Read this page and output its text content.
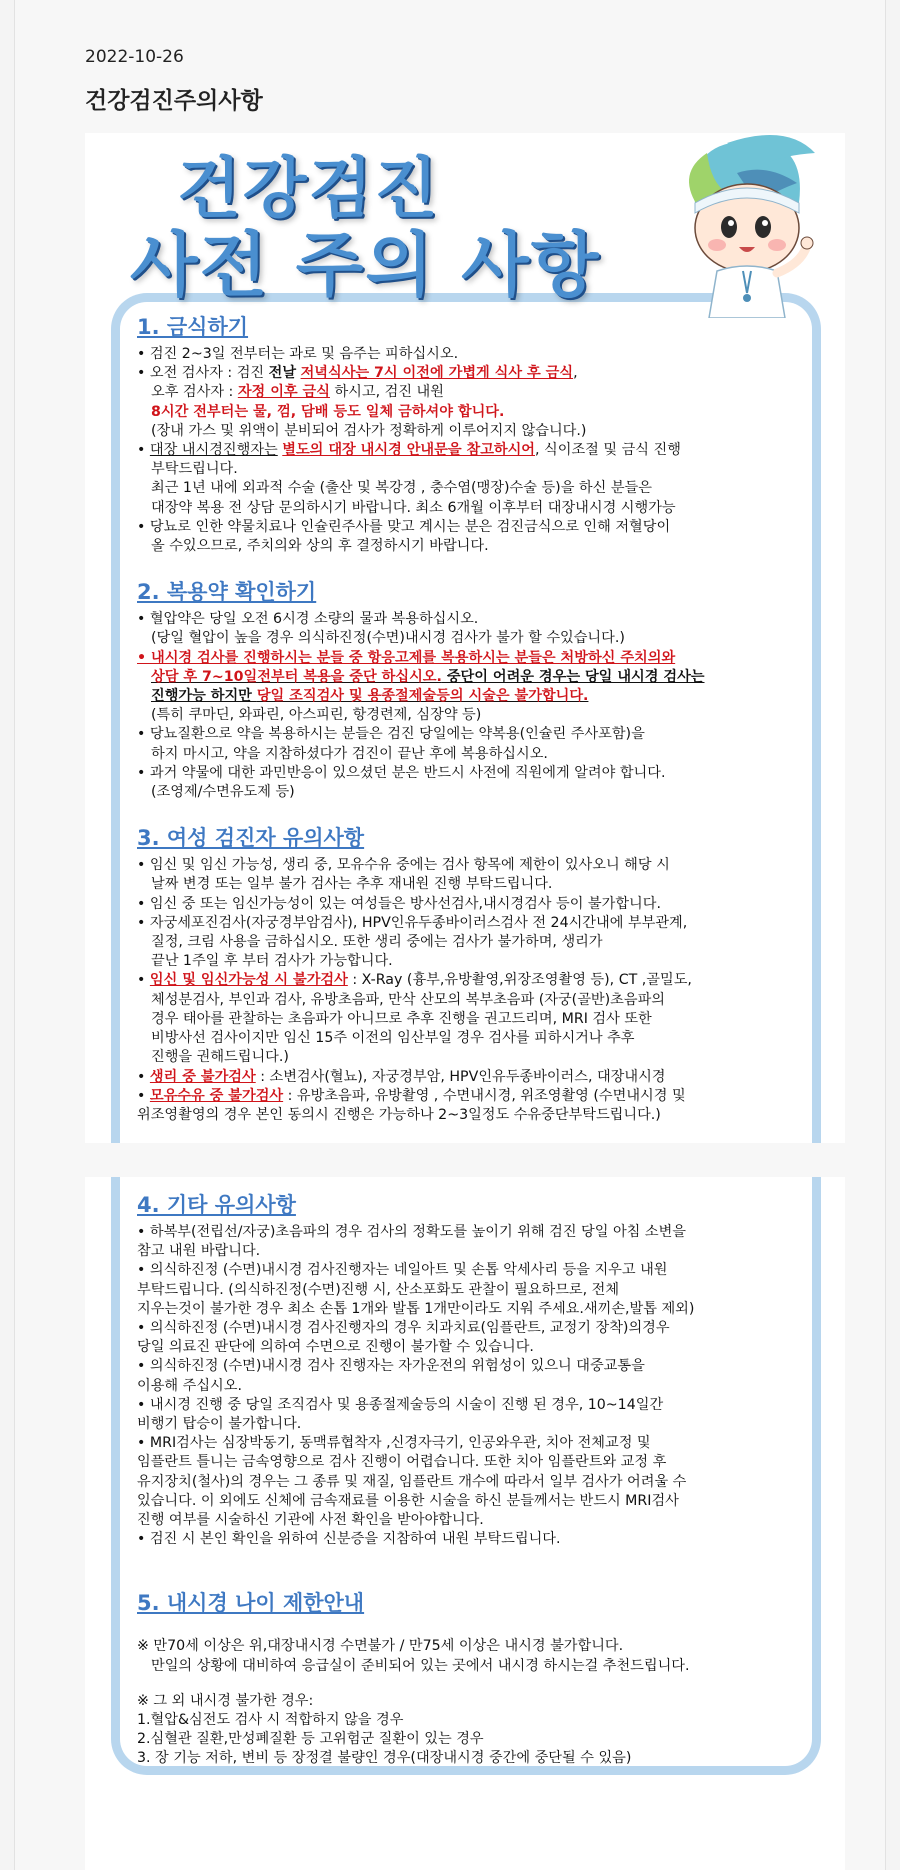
2022-10-26
건강검진주의사항
건강검진
사전 주의 사항
1. 금식하기
• 검진 2~3일 전부터는 과로 및 음주는 피하십시오.
• 오전 검사자 : 검진 전날 저녁식사는 7시 이전에 가볍게 식사 후 금식,
오후 검사자 : 자정 이후 금식 하시고, 검진 내원
8시간 전부터는 물, 껌, 담배 등도 일체 금하셔야 합니다.
(장내 가스 및 위액이 분비되어 검사가 정확하게 이루어지지 않습니다.)
• 대장 내시경진행자는 별도의 대장 내시경 안내문을 참고하시어, 식이조절 및 금식 진행
부탁드립니다.
최근 1년 내에 외과적 수술 (출산 및 복강경 , 충수염(맹장)수술 등)을 하신 분들은
대장약 복용 전 상담 문의하시기 바랍니다. 최소 6개월 이후부터 대장내시경 시행가능
• 당뇨로 인한 약물치료나 인슐린주사를 맞고 계시는 분은 검진금식으로 인해 저혈당이
올 수있으므로, 주치의와 상의 후 결정하시기 바랍니다.
2. 복용약 확인하기
• 혈압약은 당일 오전 6시경 소량의 물과 복용하십시오.
(당일 혈압이 높을 경우 의식하진정(수면)내시경 검사가 불가 할 수있습니다.)
• 내시경 검사를 진행하시는 분들 중 항응고제를 복용하시는 분들은 처방하신 주치의와
상담 후 7~10일전부터 복용을 중단 하십시오. 중단이 어려운 경우는 당일 내시경 검사는
진행가능 하지만 당일 조직검사 및 용종절제술등의 시술은 불가합니다.
(특히 쿠마딘, 와파린, 아스피린, 항경련제, 심장약 등)
• 당뇨질환으로 약을 복용하시는 분들은 검진 당일에는 약복용(인슐린 주사포함)을
하지 마시고, 약을 지참하셨다가 검진이 끝난 후에 복용하십시오.
• 과거 약물에 대한 과민반응이 있으셨던 분은 반드시 사전에 직원에게 알려야 합니다.
(조영제/수면유도제 등)
3. 여성 검진자 유의사항
• 임신 및 임신 가능성, 생리 중, 모유수유 중에는 검사 항목에 제한이 있사오니 해당 시
날짜 변경 또는 일부 불가 검사는 추후 재내원 진행 부탁드립니다.
• 임신 중 또는 임신가능성이 있는 여성들은 방사선검사,내시경검사 등이 불가합니다.
• 자궁세포진검사(자궁경부암검사), HPV인유두종바이러스검사 전 24시간내에 부부관계,
질정, 크림 사용을 금하십시오. 또한 생리 중에는 검사가 불가하며, 생리가
끝난 1주일 후 부터 검사가 가능합니다.
• 임신 및 임신가능성 시 불가검사 : X-Ray (흉부,유방촬영,위장조영촬영 등), CT ,골밀도,
체성분검사, 부인과 검사, 유방초음파, 만삭 산모의 복부초음파 (자궁(골반)초음파의
경우 태아를 관찰하는 초음파가 아니므로 추후 진행을 권고드리며, MRI 검사 또한
비방사선 검사이지만 임신 15주 이전의 임산부일 경우 검사를 피하시거나 추후
진행을 권해드립니다.)
• 생리 중 불가검사 : 소변검사(혈뇨), 자궁경부암, HPV인유두종바이러스, 대장내시경
• 모유수유 중 불가검사 : 유방초음파, 유방촬영 , 수면내시경, 위조영촬영 (수면내시경 및
위조영촬영의 경우 본인 동의시 진행은 가능하나 2~3일정도 수유중단부탁드립니다.)
4. 기타 유의사항
• 하복부(전립선/자궁)초음파의 경우 검사의 정확도를 높이기 위해 검진 당일 아침 소변을
참고 내원 바랍니다.
• 의식하진정 (수면)내시경 검사진행자는 네일아트 및 손톱 악세사리 등을 지우고 내원
부탁드립니다. (의식하진정(수면)진행 시, 산소포화도 관찰이 필요하므로, 전체
지우는것이 불가한 경우 최소 손톱 1개와 발톱 1개만이라도 지워 주세요.새끼손,발톱 제외)
• 의식하진정 (수면)내시경 검사진행자의 경우 치과치료(임플란트, 교정기 장착)의경우
당일 의료진 판단에 의하여 수면으로 진행이 불가할 수 있습니다.
• 의식하진정 (수면)내시경 검사 진행자는 자가운전의 위험성이 있으니 대중교통을
이용해 주십시오.
• 내시경 진행 중 당일 조직검사 및 용종절제술등의 시술이 진행 된 경우, 10~14일간
비행기 탑승이 불가합니다.
• MRI검사는 심장박동기, 동맥류협착자 ,신경자극기, 인공와우관, 치아 전체교정 및
임플란트 틀니는 금속영향으로 검사 진행이 어렵습니다. 또한 치아 임플란트와 교정 후
유지장치(철사)의 경우는 그 종류 및 재질, 임플란트 개수에 따라서 일부 검사가 어려울 수
있습니다. 이 외에도 신체에 금속재료를 이용한 시술을 하신 분들께서는 반드시 MRI검사
진행 여부를 시술하신 기관에 사전 확인을 받아야합니다.
• 검진 시 본인 확인을 위하여 신분증을 지참하여 내원 부탁드립니다.
5. 내시경 나이 제한안내
※ 만70세 이상은 위,대장내시경 수면불가 / 만75세 이상은 내시경 불가합니다.
만일의 상황에 대비하여 응급실이 준비되어 있는 곳에서 내시경 하시는걸 추천드립니다.
※ 그 외 내시경 불가한 경우:
1.혈압&심전도 검사 시 적합하지 않을 경우
2.심혈관 질환,만성폐질환 등 고위험군 질환이 있는 경우
3. 장 기능 저하, 변비 등 장정결 불량인 경우(대장내시경 중간에 중단될 수 있음)
